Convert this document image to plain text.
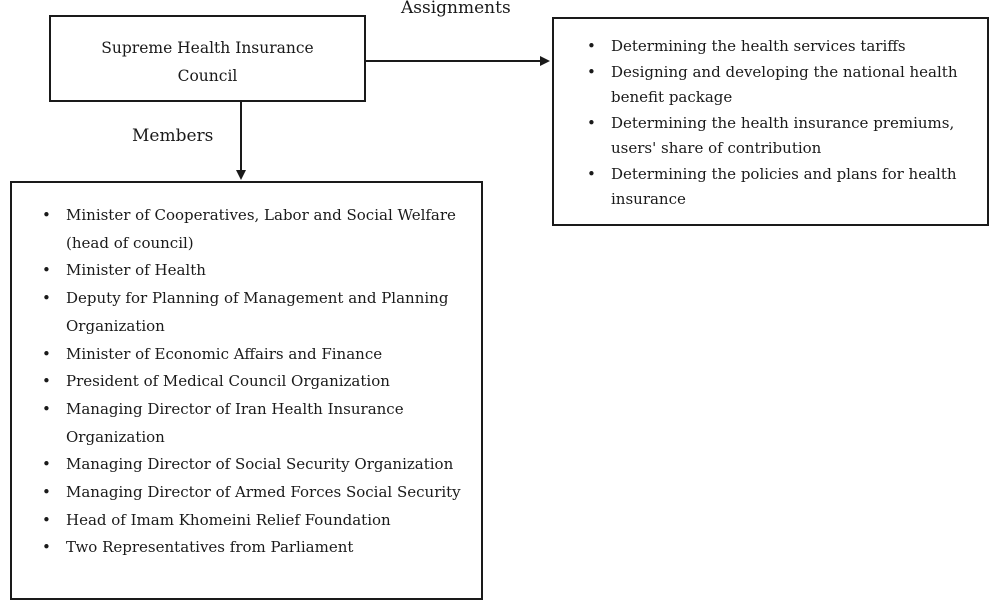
Supreme Health Insurance Council
Assignments
• Determining the health services tariffs
• Designing and developing the national health benefit package
• Determining the health insurance premiums, users' share of contribution
• Determining the policies and plans for health insurance
Members
• Minister of Cooperatives, Labor and Social Welfare (head of council)
• Minister of Health
• Deputy for Planning of Management and Planning Organization
• Minister of Economic Affairs and Finance
• President of Medical Council Organization
• Managing Director of Iran Health Insurance Organization
• Managing Director of Social Security Organization
• Managing Director of Armed Forces Social Security
• Head of Imam Khomeini Relief Foundation
• Two Representatives from Parliament
